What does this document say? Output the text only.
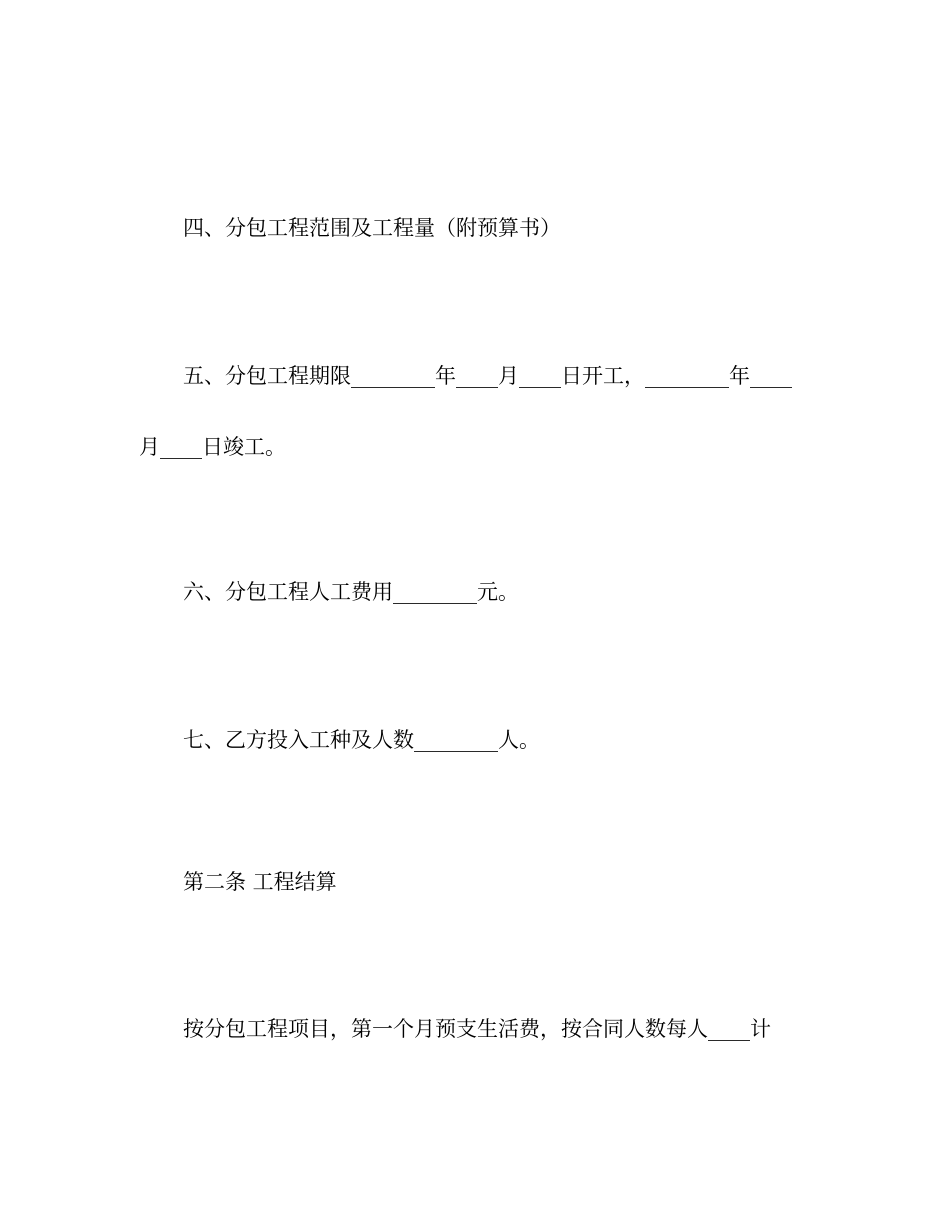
四、分包工程范围及工程量（附预算书）
五、分包工程期限________年____月____日开工，________年____
月____日竣工。
六、分包工程人工费用________元。
七、乙方投入工种及人数________人。
第二条 工程结算
按分包工程项目，第一个月预支生活费，按合同人数每人____计
